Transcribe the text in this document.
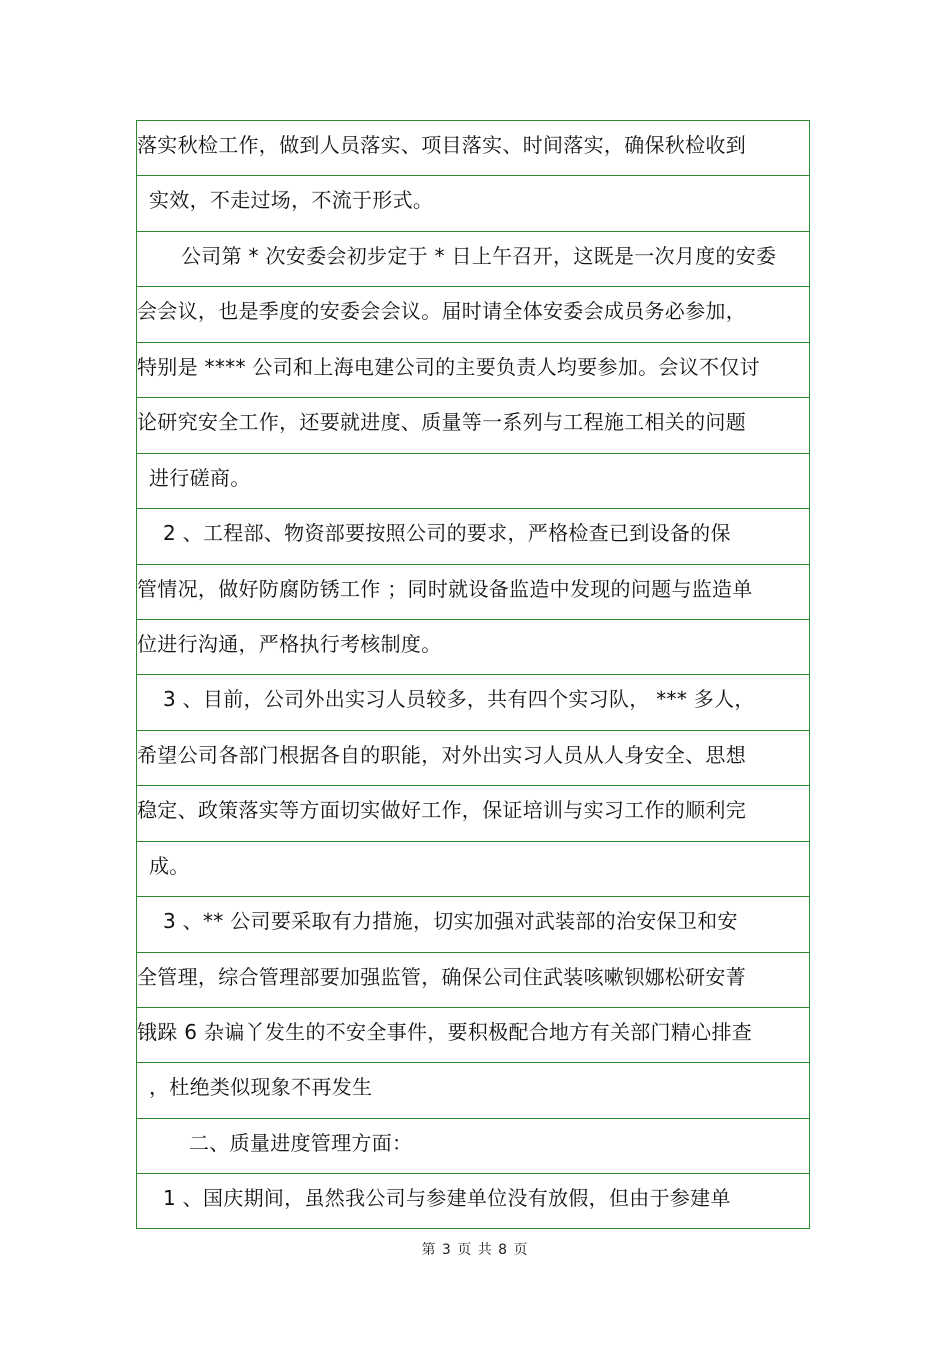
落实秋检工作，做到人员落实、项目落实、时间落实，确保秋检收到
实效，不走过场，不流于形式。
公司第 * 次安委会初步定于 * 日上午召开，这既是一次月度的安委
会会议，也是季度的安委会会议。届时请全体安委会成员务必参加，
特别是 **** 公司和上海电建公司的主要负责人均要参加。会议不仅讨
论研究安全工作，还要就进度、质量等一系列与工程施工相关的问题
进行磋商。
2 、工程部、物资部要按照公司的要求，严格检查已到设备的保
管情况，做好防腐防锈工作 ；同时就设备监造中发现的问题与监造单
位进行沟通，严格执行考核制度。
3 、目前，公司外出实习人员较多，共有四个实习队， *** 多人，
希望公司各部门根据各自的职能，对外出实习人员从人身安全、思想
稳定、政策落实等方面切实做好工作，保证培训与实习工作的顺利完
成。
3 、** 公司要采取有力措施，切实加强对武装部的治安保卫和安
全管理，综合管理部要加强监管，确保公司住武装咳嗽钡娜松研安菁
锇跺 6 杂谝丫发生的不安全事件，要积极配合地方有关部门精心排查
，杜绝类似现象不再发生
二、质量进度管理方面：
1 、国庆期间，虽然我公司与参建单位没有放假，但由于参建单
第 3 页 共 8 页
